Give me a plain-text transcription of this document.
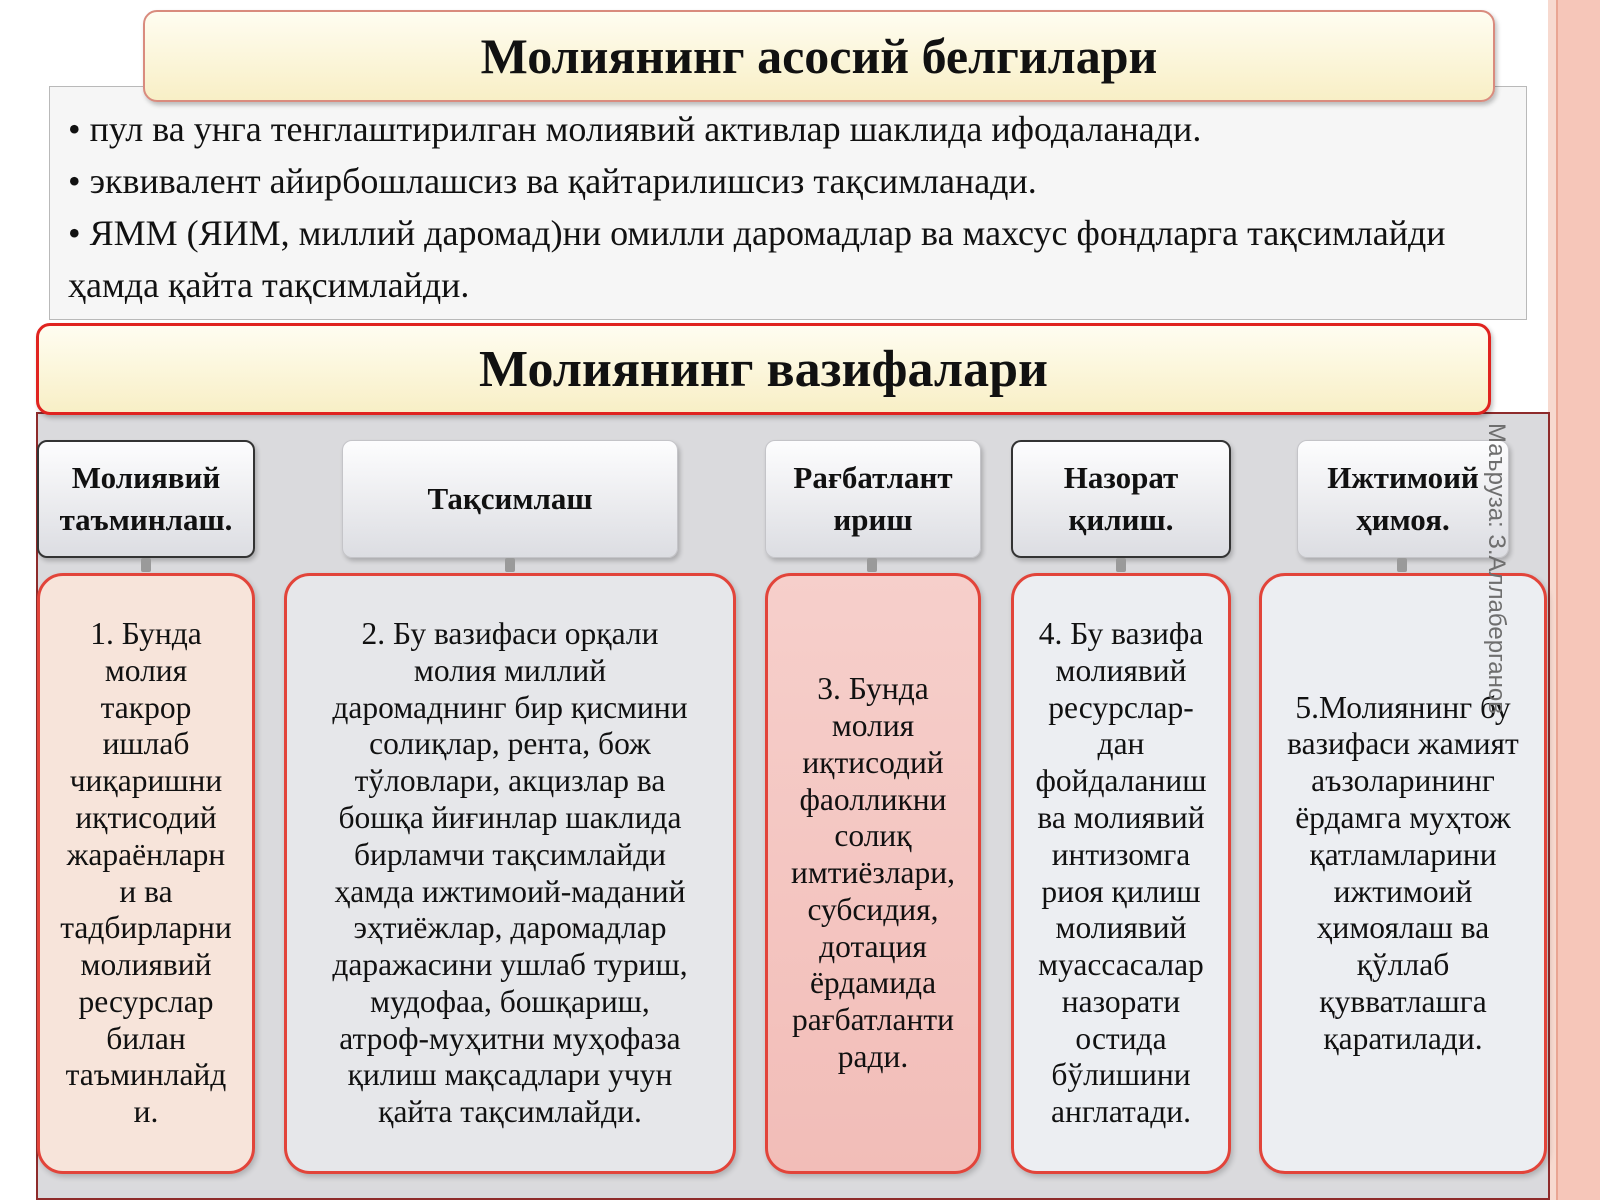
• пул ва унга тенглаштирилган молиявий активлар шаклида ифодаланади.

• эквивалент айирбошлашсиз ва қайтарилишсиз тақсимланади.

• ЯММ (ЯИМ, миллий даромад)ни омилли даромадлар ва махсус фондларга тақсимлайди ҳамда қайта тақсимлайди.

Молиянинг асосий белгилари
Молиянинг вазифалари
Молиявий
таъминлаш.
1. Бунда
молия
такрор
ишлаб
чиқаришни
иқтисодий
жараёнларн
и ва
тадбирларни
молиявий
ресурслар
билан
таъминлайд
и.
Тақсимлаш
2. Бу вазифаси орқали
молия миллий
даромаднинг бир қисмини
солиқлар, рента, бож
тўловлари, акцизлар ва
бошқа йиғинлар шаклида
бирламчи тақсимлайди
ҳамда ижтимоий-маданий
эҳтиёжлар, даромадлар
даражасини ушлаб туриш,
мудофаа, бошқариш,
атроф-муҳитни муҳофаза
қилиш мақсадлари учун
қайта тақсимлайди.
Рағбатлант
ириш
3. Бунда
молия
иқтисодий
фаолликни
солиқ
имтиёзлари,
субсидия,
дотация
ёрдамида
рағбатланти
ради.
Назорат
қилиш.
4. Бу вазифа
молиявий
ресурслар-
дан
фойдаланиш
ва молиявий
интизомга
риоя қилиш
молиявий
муассасалар
назорати
остида
бўлишини
англатади.
Ижтимоий
ҳимоя.
5.Молиянинг бу
вазифаси жамият
аъзоларининг
ёрдамга муҳтож
қатламларини
ижтимоий
ҳимоялаш ва
қўллаб
қувватлашга
қаратилади.
Маъруза: З.Аллаберганов
